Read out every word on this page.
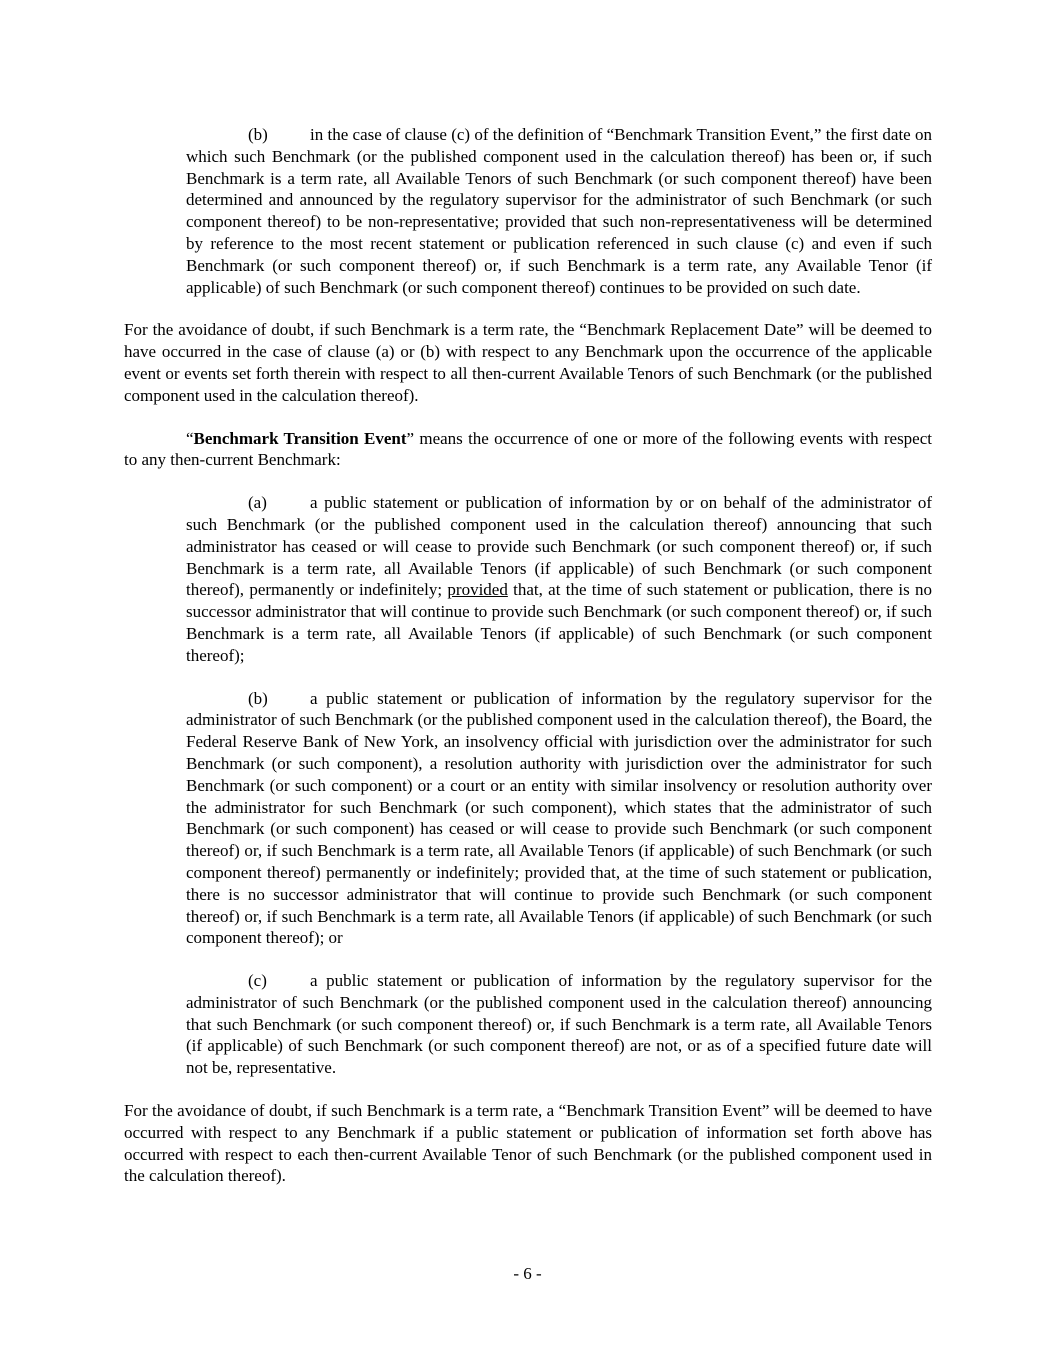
(b) in the case of clause (c) of the definition of “Benchmark Transition Event,” the first date on which such Benchmark (or the published component used in the calculation thereof) has been or, if such Benchmark is a term rate, all Available Tenors of such Benchmark (or such component thereof) have been determined and announced by the regulatory supervisor for the administrator of such Benchmark (or such component thereof) to be non-representative; provided that such non-representativeness will be determined by reference to the most recent statement or publication referenced in such clause (c) and even if such Benchmark (or such component thereof) or, if such Benchmark is a term rate, any Available Tenor (if applicable) of such Benchmark (or such component thereof) continues to be provided on such date.

For the avoidance of doubt, if such Benchmark is a term rate, the “Benchmark Replacement Date” will be deemed to have occurred in the case of clause (a) or (b) with respect to any Benchmark upon the occurrence of the applicable event or events set forth therein with respect to all then-current Available Tenors of such Benchmark (or the published component used in the calculation thereof).

“Benchmark Transition Event” means the occurrence of one or more of the following events with respect to any then-current Benchmark:

(a)	a public statement or publication of information by or on behalf of the administrator of such Benchmark (or the published component used in the calculation thereof) announcing that such administrator has ceased or will cease to provide such Benchmark (or such component thereof) or, if such Benchmark is a term rate, all Available Tenors (if applicable) of such Benchmark (or such component thereof), permanently or indefinitely; provided that, at the time of such statement or publication, there is no successor administrator that will continue to provide such Benchmark (or such component thereof) or, if such Benchmark is a term rate, all Available Tenors (if applicable) of such Benchmark (or such component thereof);

(b) a public statement or publication of information by the regulatory supervisor for the administrator of such Benchmark (or the published component used in the calculation thereof), the Board, the Federal Reserve Bank of New York, an insolvency official with jurisdiction over the administrator for such Benchmark (or such component), a resolution authority with jurisdiction over the administrator for such Benchmark (or such component) or a court or an entity with similar insolvency or resolution authority over the administrator for such Benchmark (or such component), which states that the administrator of such Benchmark (or such component) has ceased or will cease to provide such Benchmark (or such component thereof) or, if such Benchmark is a term rate, all Available Tenors (if applicable) of such Benchmark (or such component thereof) permanently or indefinitely; provided that, at the time of such statement or publication, there is no successor administrator that will continue to provide such Benchmark (or such component thereof) or, if such Benchmark is a term rate, all Available Tenors (if applicable) of such Benchmark (or such component thereof); or

(c)	a public statement or publication of information by the regulatory supervisor for the administrator of such Benchmark (or the published component used in the calculation thereof) announcing that such Benchmark (or such component thereof) or, if such Benchmark is a term rate, all Available Tenors (if applicable) of such Benchmark (or such component thereof) are not, or as of a specified future date will not be, representative.

For the avoidance of doubt, if such Benchmark is a term rate, a “Benchmark Transition Event” will be deemed to have occurred with respect to any Benchmark if a public statement or publication of information set forth above has occurred with respect to each then-current Available Tenor of such Benchmark (or the published component used in the calculation thereof).

- 6 -
